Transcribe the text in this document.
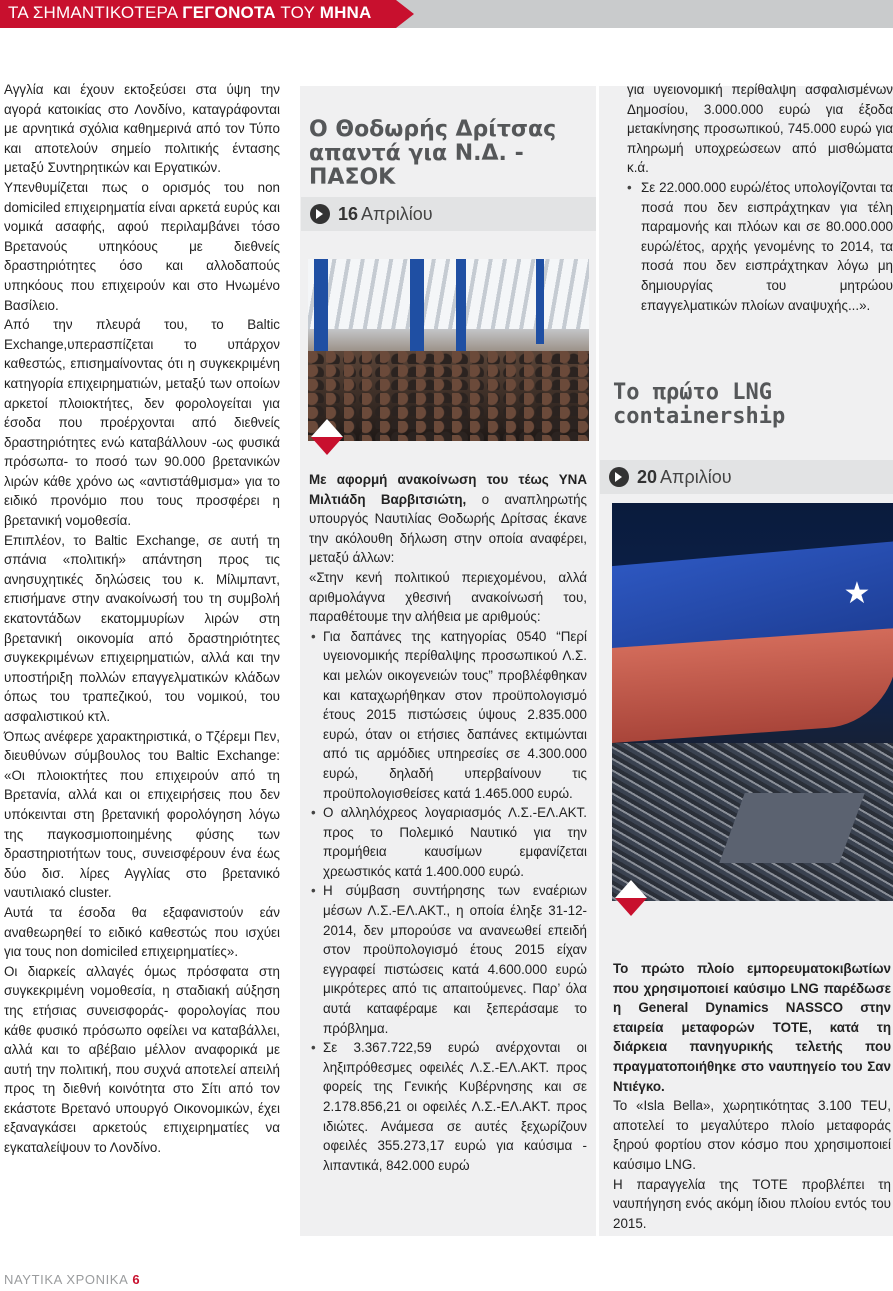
ΤΑ ΣΗΜΑΝΤΙΚΟΤΕΡΑ ΓΕΓΟΝΟΤΑ ΤΟΥ ΜΗΝΑ

Αγγλία και έχουν εκτοξεύσει στα ύψη την αγορά κατοικίας στο Λονδίνο, καταγράφονται με αρνητικά σχόλια καθημερινά από τον Τύπο και αποτελούν σημείο πολιτικής έντασης μεταξύ Συντηρητικών και Εργατικών.

Υπενθυμίζεται πως ο ορισμός του non domiciled επιχειρηματία είναι αρκετά ευρύς και νομικά ασαφής, αφού περιλαμβάνει τόσο Βρετανούς υπηκόους με διεθνείς δραστηριότητες όσο και αλλοδαπούς υπηκόους που επιχειρούν και στο Ηνωμένο Βασίλειο.

Από την πλευρά του, το Baltic Exchange,υπερασπίζεται το υπάρχον καθεστώς, επισημαίνοντας ότι η συγκεκριμένη κατηγορία επιχειρηματιών, μεταξύ των οποίων αρκετοί πλοιοκτήτες, δεν φορολογείται για έσοδα που προέρχονται από διεθνείς δραστηριότητες ενώ καταβάλλουν -ως φυσικά πρόσωπα- το ποσό των 90.000 βρετανικών λιρών κάθε χρόνο ως «αντιστάθμισμα» για το ειδικό προνόμιο που τους προσφέρει η βρετανική νομοθεσία.

Επιπλέον, το Baltic Exchange, σε αυτή τη σπάνια «πολιτική» απάντηση προς τις ανησυχητικές δηλώσεις του κ. Μίλιμπαντ, επισήμανε στην ανακοίνωσή του τη συμβολή εκατοντάδων εκατομμυρίων λιρών στη βρετανική οικονομία από δραστηριότητες συγκεκριμένων επιχειρηματιών, αλλά και την υποστήριξη πολλών επαγγελματικών κλάδων όπως του τραπεζικού, του νομικού, του ασφαλιστικού κτλ.

Όπως ανέφερε χαρακτηριστικά, ο Τζέρεμι Πεν, διευθύνων σύμβουλος του Baltic Exchange: «Οι πλοιοκτήτες που επιχειρούν από τη Βρετανία, αλλά και οι επιχειρήσεις που δεν υπόκεινται στη βρετανική φορολόγηση λόγω της παγκοσμιοποιημένης φύσης των δραστηριοτήτων τους, συνεισφέρουν ένα έως δύο δισ. λίρες Αγγλίας στο βρετανικό ναυτιλιακό cluster.

Αυτά τα έσοδα θα εξαφανιστούν εάν αναθεωρηθεί το ειδικό καθεστώς που ισχύει για τους non domiciled επιχειρηματίες».

Οι διαρκείς αλλαγές όμως πρόσφατα στη συγκεκριμένη νομοθεσία, η σταδιακή αύξηση της ετήσιας συνεισφοράς- φορολογίας που κάθε φυσικό πρόσωπο οφείλει να καταβάλλει, αλλά και το αβέβαιο μέλλον αναφορικά με αυτή την πολιτική, που συχνά αποτελεί απειλή προς τη διεθνή κοινότητα στο Σίτι από τον εκάστοτε Βρετανό υπουργό Οικονομικών, έχει εξαναγκάσει αρκετούς επιχειρηματίες να εγκαταλείψουν το Λονδίνο.

Ο Θοδωρής Δρίτσας απαντά για Ν.Δ. - ΠΑΣΟΚ
16 Απριλίου

Με αφορμή ανακοίνωση του τέως ΥΝΑ Μιλτιάδη Βαρβιτσιώτη, ο αναπληρωτής υπουργός Ναυτιλίας Θοδωρής Δρίτσας έκανε την ακόλουθη δήλωση στην οποία αναφέρει, μεταξύ άλλων:

«Στην κενή πολιτικού περιεχομένου, αλλά αριθμολάγνα χθεσινή ανακοίνωσή του, παραθέτουμε την αλήθεια με αριθμούς:

• Για δαπάνες της κατηγορίας 0540 “Περί υγειονομικής περίθαλψης προσωπικού Λ.Σ. και μελών οικογενειών τους” προβλέφθηκαν και καταχωρήθηκαν στον προϋπολογισμό έτους 2015 πιστώσεις ύψους 2.835.000 ευρώ, όταν οι ετήσιες δαπάνες εκτιμώνται από τις αρμόδιες υπηρεσίες σε 4.300.000 ευρώ, δηλαδή υπερβαίνουν τις προϋπολογισθείσες κατά 1.465.000 ευρώ.
• Ο αλληλόχρεος λογαριασμός Λ.Σ.-ΕΛ.ΑΚΤ. προς το Πολεμικό Ναυτικό για την προμήθεια καυσίμων εμφανίζεται χρεωστικός κατά 1.400.000 ευρώ.
• Η σύμβαση συντήρησης των εναέριων μέσων Λ.Σ.-ΕΛ.ΑΚΤ., η οποία έληξε 31-12-2014, δεν μπορούσε να ανανεωθεί επειδή στον προϋπολογισμό έτους 2015 είχαν εγγραφεί πιστώσεις κατά 4.600.000 ευρώ μικρότερες από τις απαιτούμενες. Παρ’ όλα αυτά καταφέραμε και ξεπεράσαμε το πρόβλημα.
• Σε 3.367.722,59 ευρώ ανέρχονται οι ληξιπρόθεσμες οφειλές Λ.Σ.-ΕΛ.ΑΚΤ. προς φορείς της Γενικής Κυβέρνησης και σε 2.178.856,21 οι οφειλές Λ.Σ.-ΕΛ.ΑΚΤ. προς ιδιώτες. Ανάμεσα σε αυτές ξεχωρίζουν οφειλές 355.273,17 ευρώ για καύσιμα - λιπαντικά, 842.000 ευρώ
για υγειονομική περίθαλψη ασφαλισμένων Δημοσίου, 3.000.000 ευρώ για έξοδα μετακίνησης προσωπικού, 745.000 ευρώ για πληρωμή υποχρεώσεων από μισθώματα κ.ά.
• Σε 22.000.000 ευρώ/έτος υπολογίζονται τα ποσά που δεν εισπράχτηκαν για τέλη παραμονής και πλόων και σε 80.000.000 ευρώ/έτος, αρχής γενομένης το 2014, τα ποσά που δεν εισπράχτηκαν λόγω μη δημιουργίας του μητρώου επαγγελματικών πλοίων αναψυχής...».
Το πρώτο LNG containership
20 Απριλίου
★

Το πρώτο πλοίο εμπορευματοκιβωτίων που χρησιμοποιεί καύσιμο LNG παρέδωσε η General Dynamics NASSCO στην εταιρεία μεταφορών TOTE, κατά τη διάρκεια πανηγυρικής τελετής που πραγματοποιήθηκε στο ναυπηγείο του Σαν Ντιέγκο.

Το «Isla Bella», χωρητικότητας 3.100 TEU, αποτελεί το μεγαλύτερο πλοίο μεταφοράς ξηρού φορτίου στον κόσμο που χρησιμοποιεί καύσιμο LNG.

Η παραγγελία της TOTE προβλέπει τη ναυπήγηση ενός ακόμη ίδιου πλοίου εντός του 2015.

ΝΑΥΤΙΚΑ ΧΡΟΝΙΚΑ 6
